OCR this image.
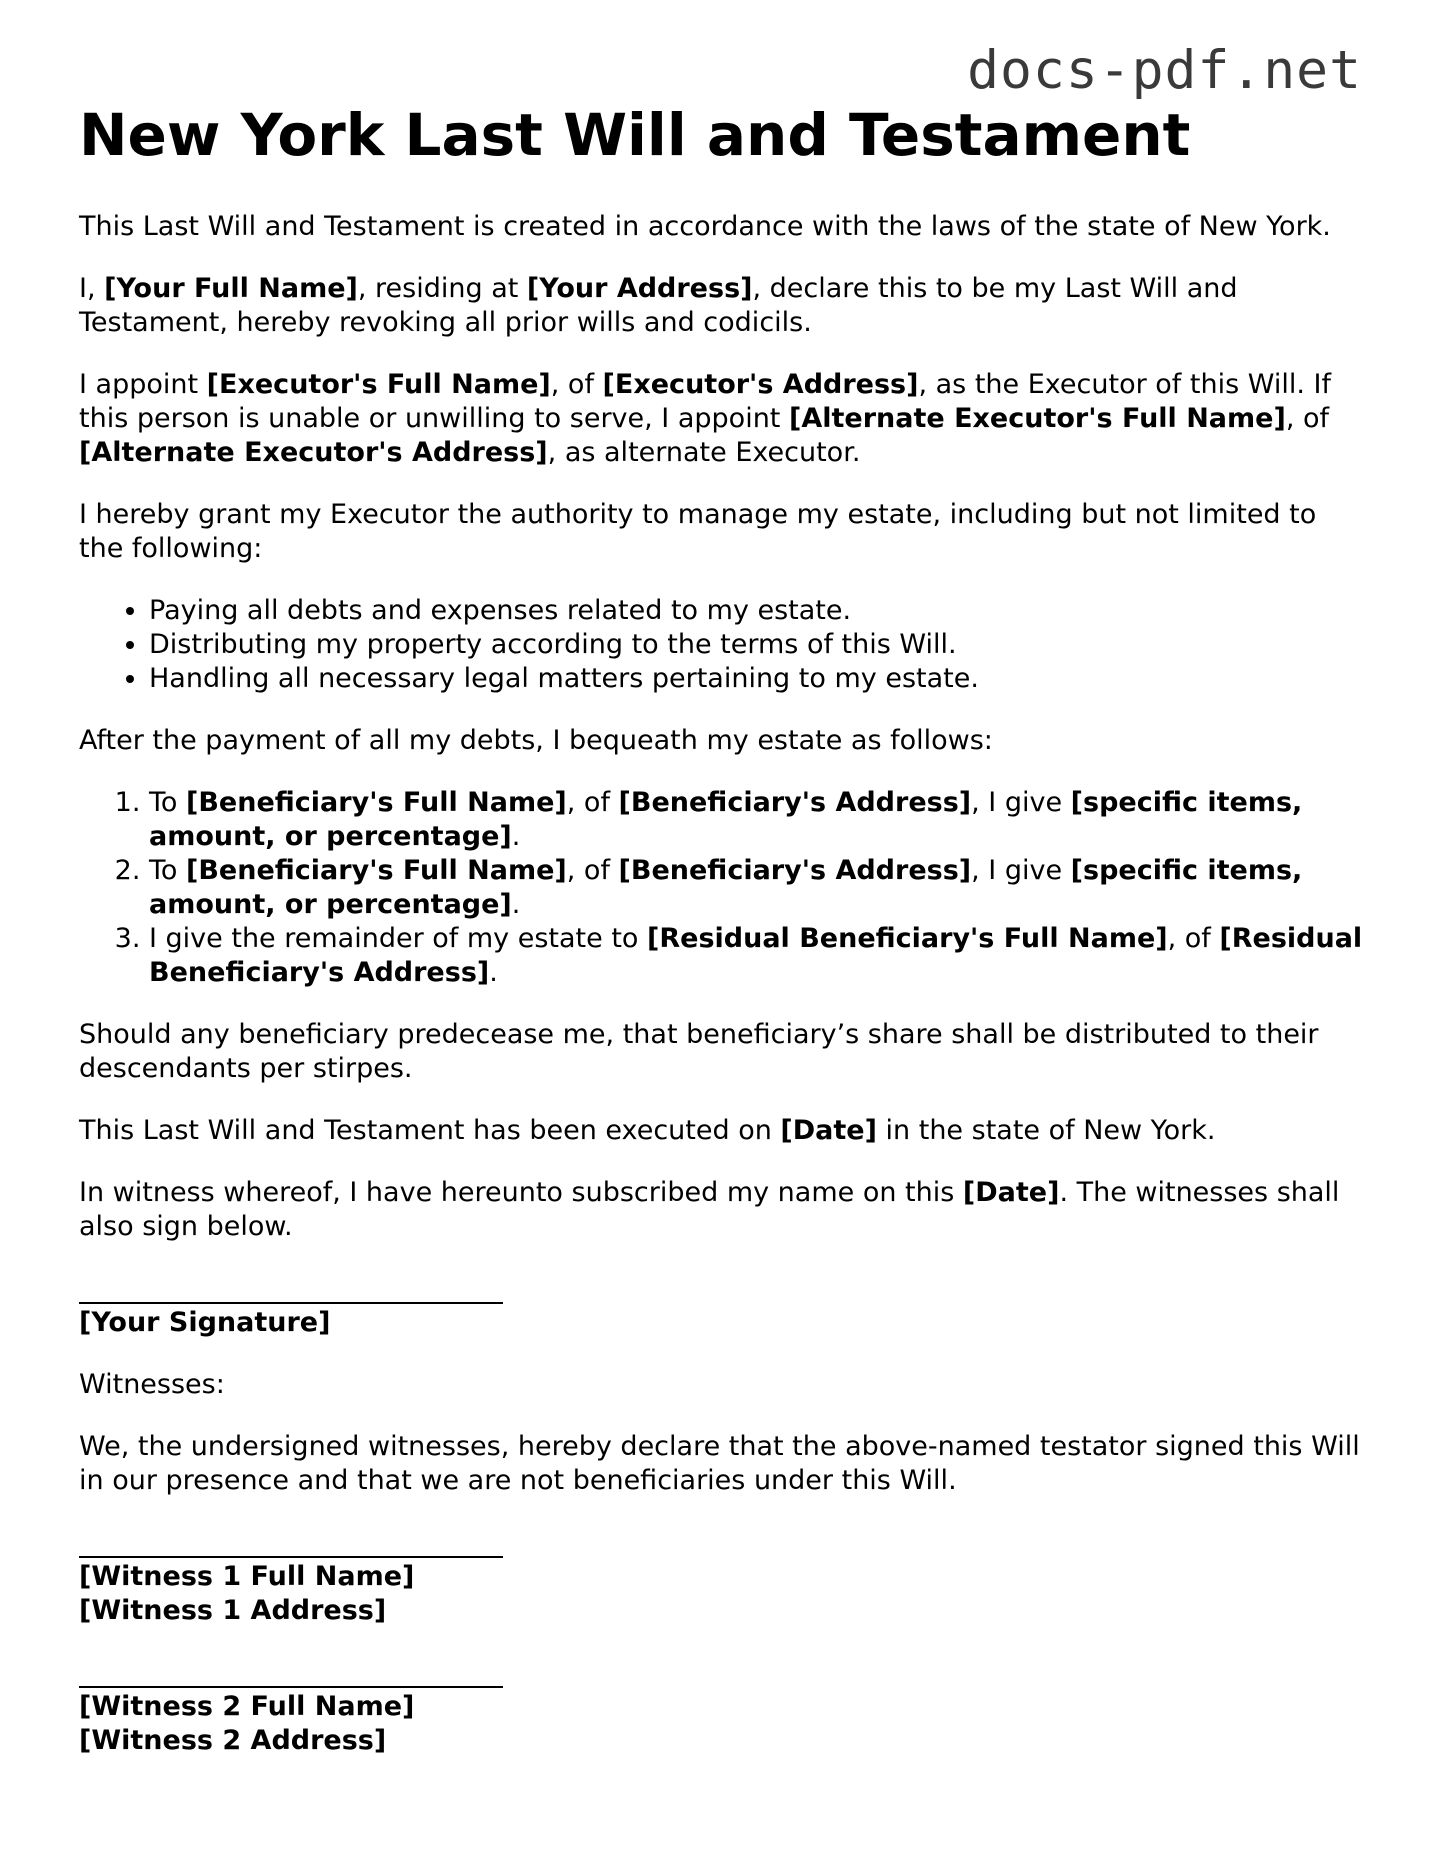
docs-pdf.net
New York Last Will and Testament

This Last Will and Testament is created in accordance with the laws of the state of New York.

I, [Your Full Name], residing at [Your Address], declare this to be my Last Will and Testament, hereby revoking all prior wills and codicils.

I appoint [Executor's Full Name], of [Executor's Address], as the Executor of this Will. If this person is unable or unwilling to serve, I appoint [Alternate Executor's Full Name], of [Alternate Executor's Address], as alternate Executor.

I hereby grant my Executor the authority to manage my estate, including but not limited to the following:

• Paying all debts and expenses related to my estate.
• Distributing my property according to the terms of this Will.
• Handling all necessary legal matters pertaining to my estate.

After the payment of all my debts, I bequeath my estate as follows:

1. To [Beneficiary's Full Name], of [Beneficiary's Address], I give [specific items, amount, or percentage].
2. To [Beneficiary's Full Name], of [Beneficiary's Address], I give [specific items, amount, or percentage].
3. I give the remainder of my estate to [Residual Beneficiary's Full Name], of [Residual Beneficiary's Address].

Should any beneficiary predecease me, that beneficiary’s share shall be distributed to their descendants per stirpes.

This Last Will and Testament has been executed on [Date] in the state of New York.

In witness whereof, I have hereunto subscribed my name on this [Date]. The witnesses shall also sign below.

[Your Signature]

Witnesses:

We, the undersigned witnesses, hereby declare that the above-named testator signed this Will in our presence and that we are not beneficiaries under this Will.

[Witness 1 Full Name]
[Witness 1 Address]
[Witness 2 Full Name]
[Witness 2 Address]
